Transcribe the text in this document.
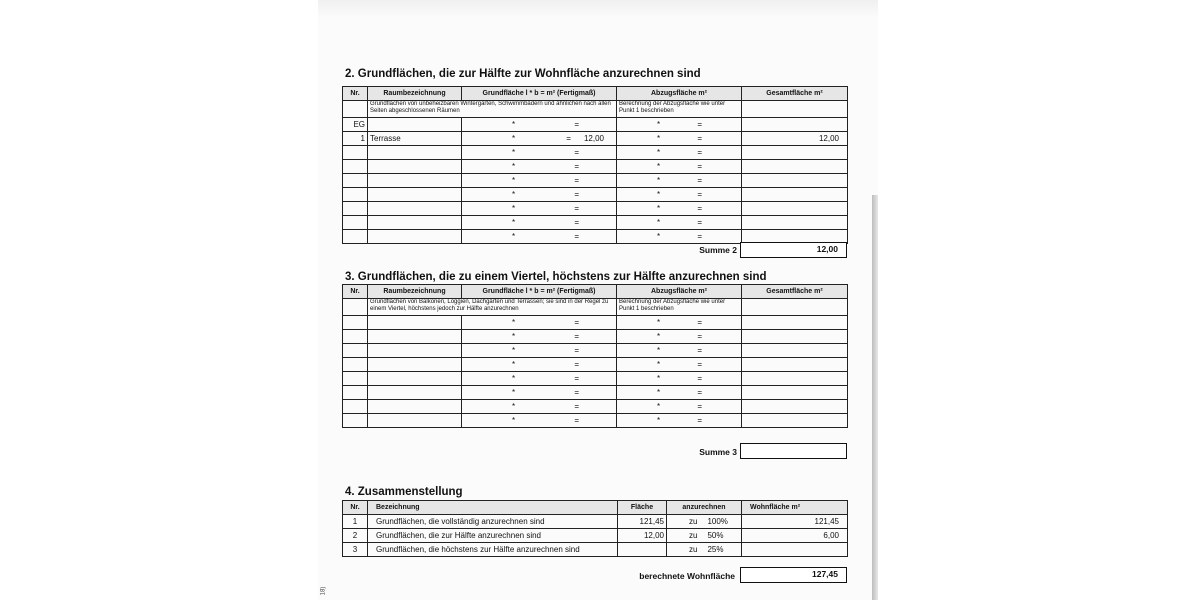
2. Grundflächen, die zur Hälfte zur Wohnfläche anzurechnen sind
Nr.	Raumbezeichnung	Grundfläche l * b = m² (Fertigmaß)	Abzugsfläche m²	Gesamtfläche m²
	Grundflächen von unbeheizbaren Wintergärten, Schwimmbädern und ähnlichen nach allen Seiten abgeschlossenen Räumen		Berechnung der Abzugsfläche wie unter Punkt 1 beschrieben	
EG		* =	* =	

1	Terrasse	* = 12,00	* =	12,00

		* =	* =	

		* =	* =	

		* =	* =	

		* =	* =	

		* =	* =	

		* =	* =	

		* =	* =	

Summe 2	12,00
3. Grundflächen, die zu einem Viertel, höchstens zur Hälfte anzurechnen sind
Nr.	Raumbezeichnung	Grundfläche l * b = m² (Fertigmaß)	Abzugsfläche m²	Gesamtfläche m²
	Grundflächen von Balkonen, Loggien, Dachgärten und Terrassen; sie sind in der Regel zu einem Viertel, höchstens jedoch zur Hälfte anzurechnen		Berechnung der Abzugsfläche wie unter Punkt 1 beschrieben	

		* =	* =	

		* =	* =	

		* =	* =	

		* =	* =	

		* =	* =	

		* =	* =	

		* =	* =	

		* =	* =	

Summe 3
4. Zusammenstellung
Nr.	Bezeichnung	Fläche	anzurechnen	Wohnfläche m²
1	Grundflächen, die vollständig anzurechnen sind	121,45	zu 100%	121,45
2	Grundflächen, die zur Hälfte anzurechnen sind	12,00	zu 50%	6,00
3	Grundflächen, die höchstens zur Hälfte anzurechnen sind		zu 25%	

berechnete Wohnfläche	127,45
18)
